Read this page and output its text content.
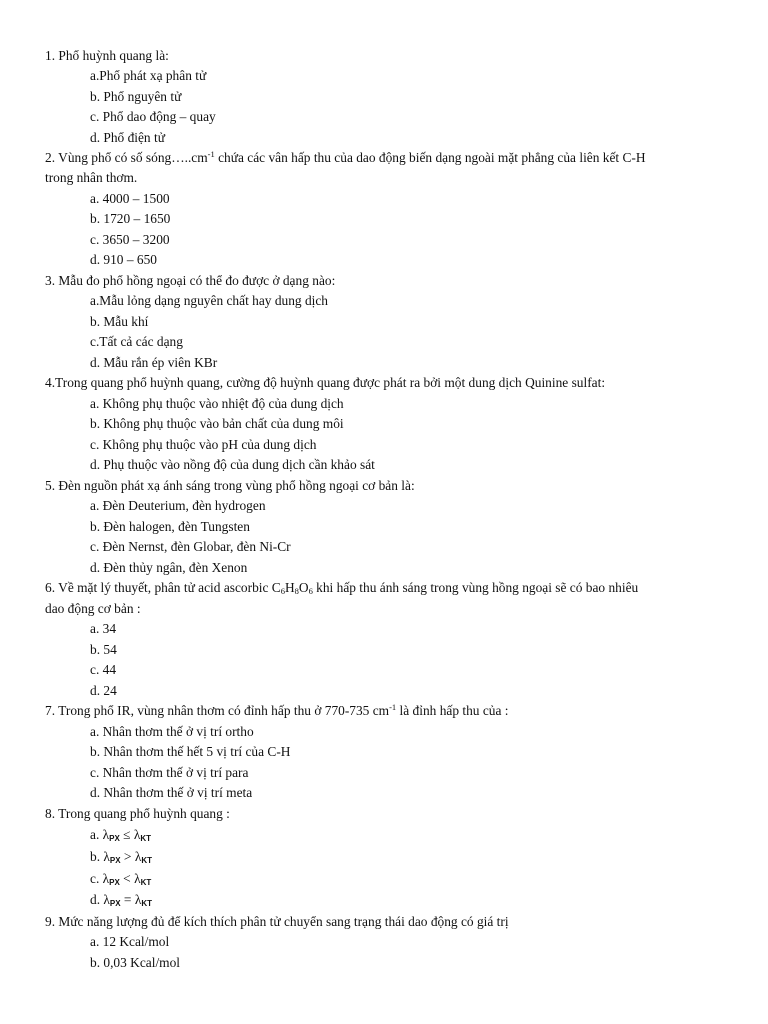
1. Phổ huỳnh quang là:
a.Phổ phát xạ phân tử
b. Phổ nguyên tử
c. Phổ dao động – quay
d. Phổ điện tử
2. Vùng phổ có số $sóng\dots..cm^{-1}$ chứa các vân hấp thu của dao động biến dạng ngoài mặt phẳng của liên kết C-H
trong nhân thơm.
a. 4000 – 1500
b. 1720 – 1650
c. 3650 – 3200
d. 910 – 650
3. Mẫu đo phổ hồng ngoại có thể đo được ở dạng nào:
a.Mẫu lỏng dạng nguyên chất hay dung dịch
b. Mẫu khí
c.Tất cả các dạng
d. Mẫu rắn ép viên KBr
4.Trong quang phổ huỳnh quang, cường độ huỳnh quang được phát ra bởi một dung dịch Quinine sulfat:
a. Không phụ thuộc vào nhiệt độ của dung dịch
b. Không phụ thuộc vào bản chất của dung môi
c. Không phụ thuộc vào pH của dung dịch
d. Phụ thuộc vào nồng độ của dung dịch cần khảo sát
5. Đèn nguồn phát xạ ánh sáng trong vùng phổ hồng ngoại cơ bản là:
a. Đèn Deuterium, đèn hydrogen
b. Đèn halogen, đèn Tungsten
c. Đèn Nernst, đèn Globar, đèn Ni-Cr
d. Đèn thủy ngân, đèn Xenon
6. Về mặt lý thuyết, phân tử acid ascorbic $C_6H_8O_6$ khi hấp thu ánh sáng trong vùng hồng ngoại sẽ có bao nhiêu
dao động cơ bản :
a. 34
b. 54
c. 44
d. 24
7. Trong phổ IR, vùng nhân thơm có đỉnh hấp thu ở 770-735 $cm^{-1}$ là đỉnh hấp thu của :
a. Nhân thơm thế ở vị trí ortho
b. Nhân thơm thế hết 5 vị trí của C-H
c. Nhân thơm thế ở vị trí para
d. Nhân thơm thế ở vị trí meta
8. Trong quang phổ huỳnh quang :
a. $\lambda_{PX} \le \lambda_{KT}$
b. $\lambda_{PX} > \lambda_{KT}$
c. $\lambda_{PX} < \lambda_{KT}$
d. $\lambda_{PX} = \lambda_{KT}$
9. Mức năng lượng đủ để kích thích phân tử chuyển sang trạng thái dao động có giá trị
a. 12 Kcal/mol
b. 0,03 Kcal/mol
